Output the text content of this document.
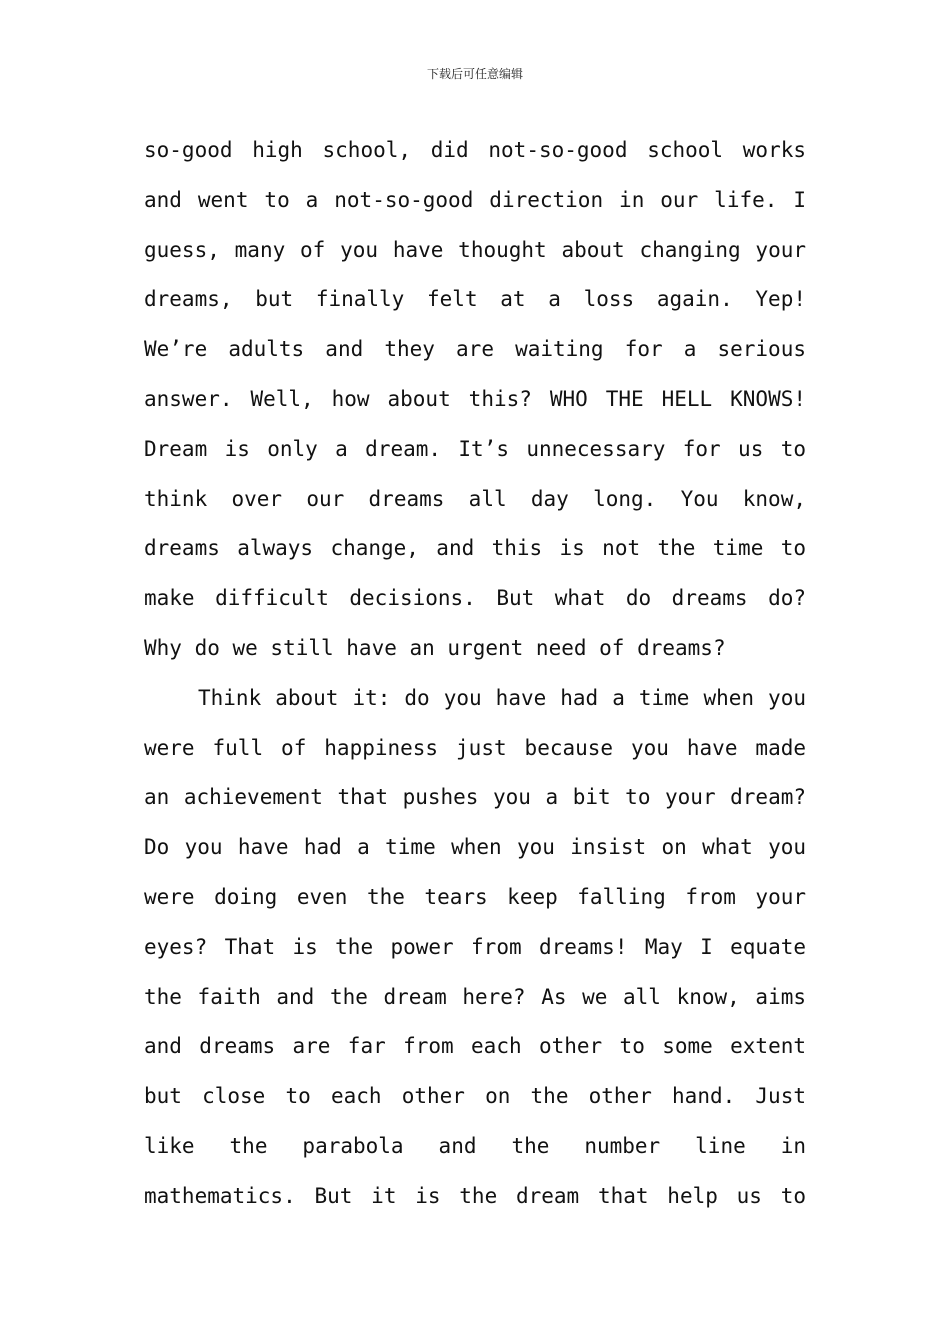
下载后可任意编辑
so-good high school, did not-so-good school works
and went to a not-so-good direction in our life. I
guess, many of you have thought about changing your
dreams, but finally felt at a loss again. Yep!
We’re adults and they are waiting for a serious
answer. Well, how about this? WHO THE HELL KNOWS!
Dream is only a dream. It’s unnecessary for us to
think over our dreams all day long. You know,
dreams always change, and this is not the time to
make difficult decisions. But what do dreams do?
Why do we still have an urgent need of dreams?
Think about it: do you have had a time when you
were full of happiness just because you have made
an achievement that pushes you a bit to your dream?
Do you have had a time when you insist on what you
were doing even the tears keep falling from your
eyes? That is the power from dreams! May I equate
the faith and the dream here? As we all know, aims
and dreams are far from each other to some extent
but close to each other on the other hand. Just
like the parabola and the number line in
mathematics. But it is the dream that help us to
